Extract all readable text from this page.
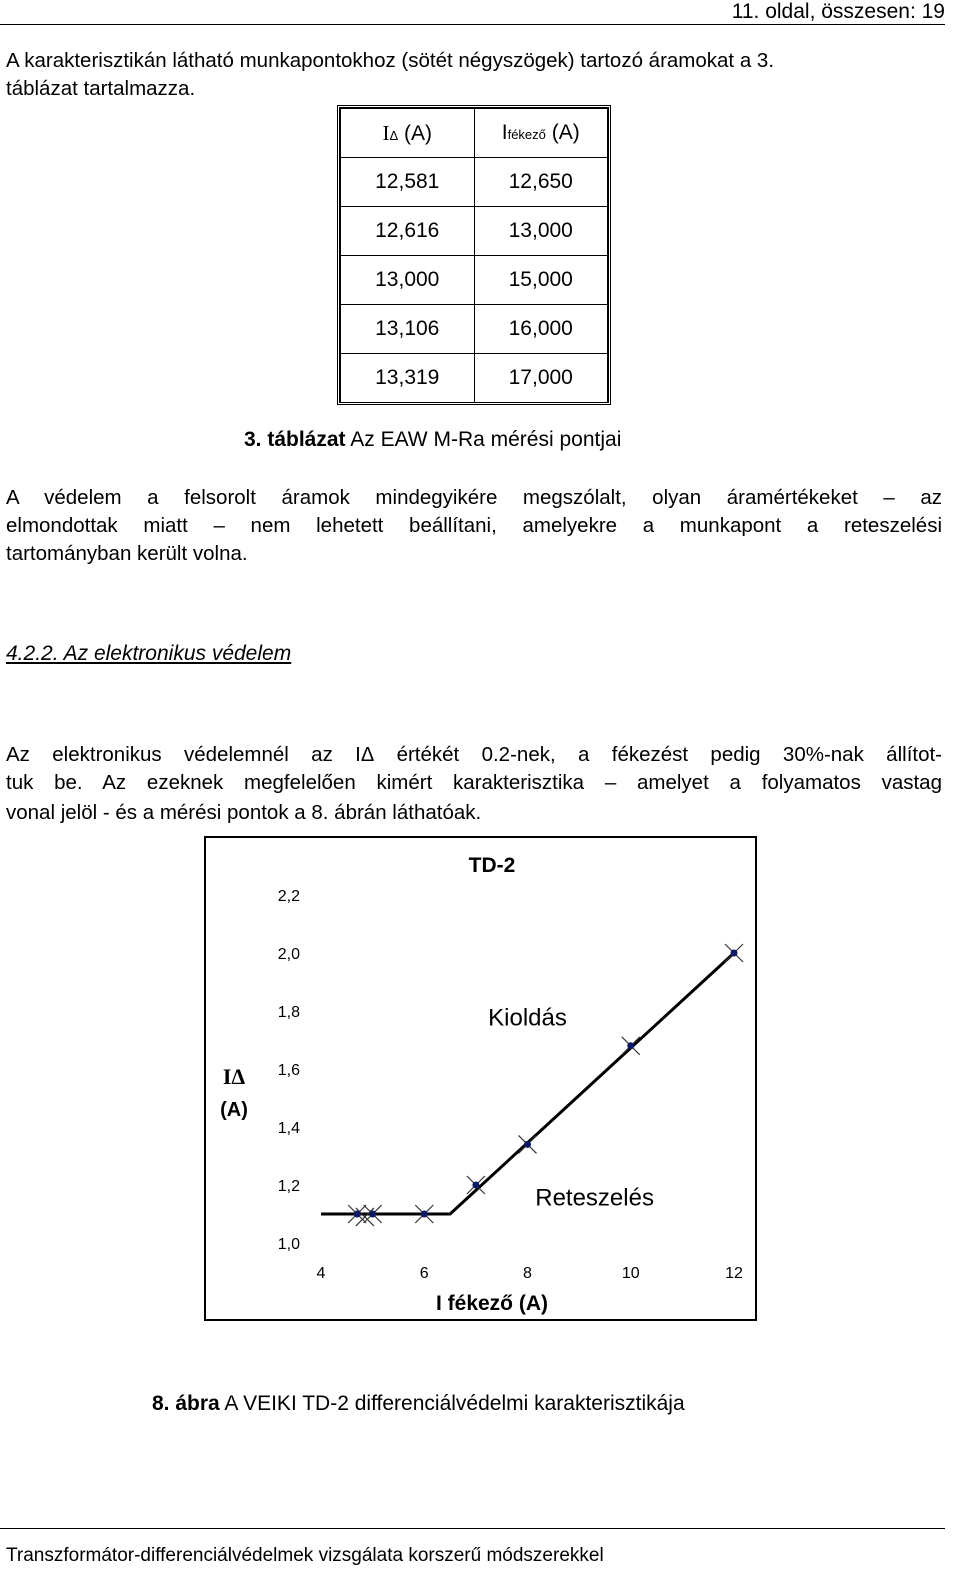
11. oldal, összesen: 19
A karakterisztikán látható munkapontokhoz (sötét négyszögek) tartozó áramokat a 3.
táblázat tartalmazza.
IΔ (A)	Ifékező (A)
12,581	12,650
12,616	13,000
13,000	15,000
13,106	16,000
13,319	17,000
3. táblázat Az EAW M-Ra mérési pontjai
A védelem a felsorolt áramok mindegyikére megszólalt, olyan áramértékeket – az
elmondottak miatt – nem lehetett beállítani, amelyekre a munkapont a reteszelési
tartományban került volna.
4.2.2. Az elektronikus védelem
Az elektronikus védelemnél az IΔ értékét 0.2-nek, a fékezést pedig 30%-nak állítot-
tuk be. Az ezeknek megfelelően kimért karakterisztika – amelyet a folyamatos vastag
vonal jelöl - és a mérési pontok a 8. ábrán láthatóak.
TD-2
IΔ
(A)
I fékező (A)
1,0
1,2
1,4
1,6
1,8
2,0
2,2
4	6	8	10	12
Kioldás
Reteszelés
8. ábra A VEIKI TD-2 differenciálvédelmi karakterisztikája
Transzformátor-differenciálvédelmek vizsgálata korszerű módszerekkel
